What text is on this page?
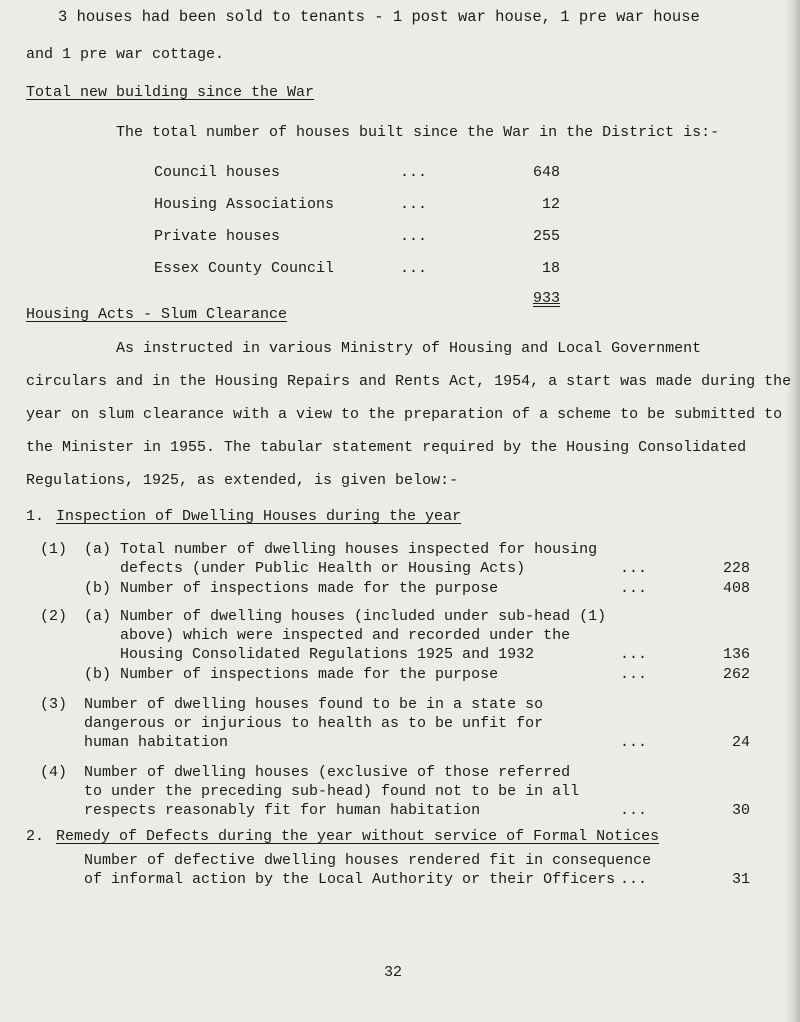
3 houses had been sold to tenants - 1 post war house, 1 pre war house
and 1 pre war cottage.
Total new building since the War
The total number of houses built since the War in the District is:-
Council houses	...	648
Housing Associations	...	12
Private houses	...	255
Essex County Council	...	18
933
Housing Acts - Slum Clearance
As instructed in various Ministry of Housing and Local Government
circulars and in the Housing Repairs and Rents Act, 1954, a start was made during the
year on slum clearance with a view to the preparation of a scheme to be submitted to
the Minister in 1955. The tabular statement required by the Housing Consolidated
Regulations, 1925, as extended, is given below:-
1. Inspection of Dwelling Houses during the year
(1) (a) Total number of dwelling houses inspected for housing
defects (under Public Health or Housing Acts)	...	228
(b) Number of inspections made for the purpose	...	408
(2) (a) Number of dwelling houses (included under sub-head (1)
above) which were inspected and recorded under the
Housing Consolidated Regulations 1925 and 1932	...	136
(b) Number of inspections made for the purpose	...	262
(3) Number of dwelling houses found to be in a state so
dangerous or injurious to health as to be unfit for
human habitation	...	24
(4) Number of dwelling houses (exclusive of those referred
to under the preceding sub-head) found not to be in all
respects reasonably fit for human habitation	...	30
2. Remedy of Defects during the year without service of Formal Notices
Number of defective dwelling houses rendered fit in consequence
of informal action by the Local Authority or their Officers ...	31
32
